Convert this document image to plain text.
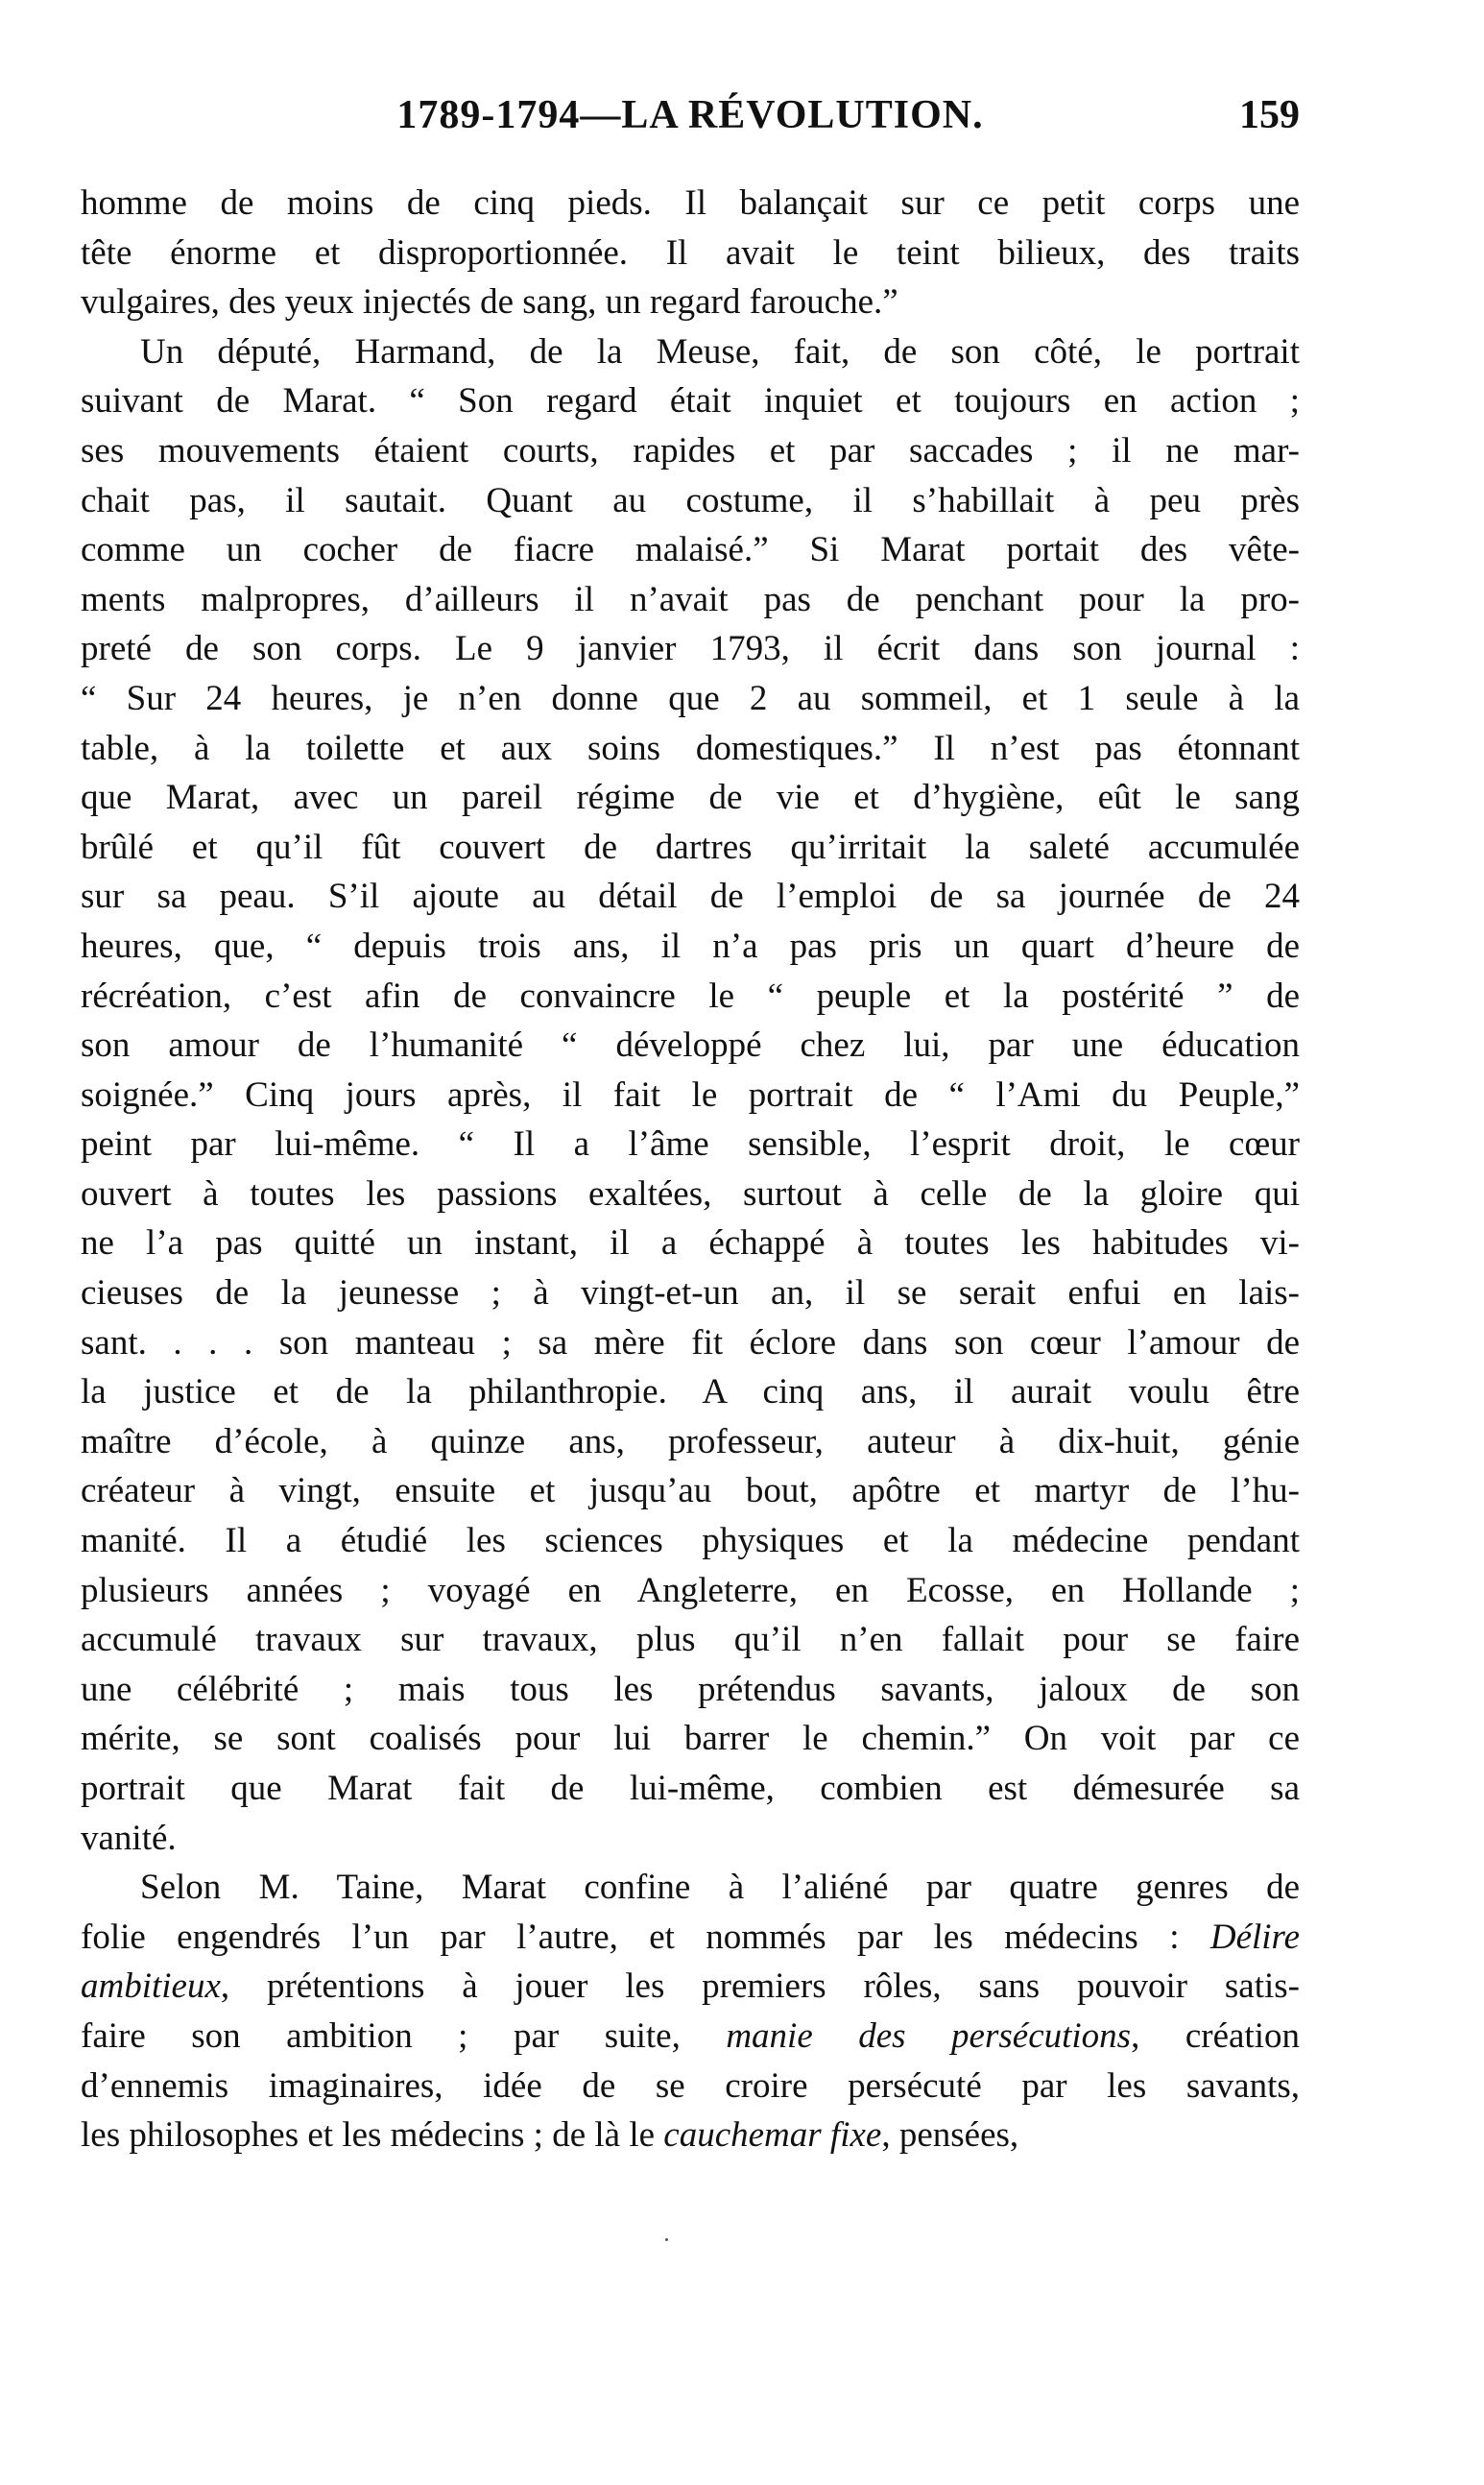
1789-1794—LA RÉVOLUTION.	159
homme de moins de cinq pieds. Il balançait sur ce petit corps une
tête énorme et disproportionnée. Il avait le teint bilieux, des traits
vulgaires, des yeux injectés de sang, un regard farouche.”
Un député, Harmand, de la Meuse, fait, de son côté, le portrait
suivant de Marat. “ Son regard était inquiet et toujours en action ;
ses mouvements étaient courts, rapides et par saccades ; il ne mar-
chait pas, il sautait. Quant au costume, il s’habillait à peu près
comme un cocher de fiacre malaisé.” Si Marat portait des vête-
ments malpropres, d’ailleurs il n’avait pas de penchant pour la pro-
preté de son corps. Le 9 janvier 1793, il écrit dans son journal :
“ Sur 24 heures, je n’en donne que 2 au sommeil, et 1 seule à la
table, à la toilette et aux soins domestiques.” Il n’est pas étonnant
que Marat, avec un pareil régime de vie et d’hygiène, eût le sang
brûlé et qu’il fût couvert de dartres qu’irritait la saleté accumulée
sur sa peau. S’il ajoute au détail de l’emploi de sa journée de 24
heures, que, “ depuis trois ans, il n’a pas pris un quart d’heure de
récréation, c’est afin de convaincre le “ peuple et la postérité ” de
son amour de l’humanité “ développé chez lui, par une éducation
soignée.” Cinq jours après, il fait le portrait de “ l’Ami du Peuple,”
peint par lui-même. “ Il a l’âme sensible, l’esprit droit, le cœur
ouvert à toutes les passions exaltées, surtout à celle de la gloire qui
ne l’a pas quitté un instant, il a échappé à toutes les habitudes vi-
cieuses de la jeunesse ; à vingt-et-un an, il se serait enfui en lais-
sant. . . . son manteau ; sa mère fit éclore dans son cœur l’amour de
la justice et de la philanthropie. A cinq ans, il aurait voulu être
maître d’école, à quinze ans, professeur, auteur à dix-huit, génie
créateur à vingt, ensuite et jusqu’au bout, apôtre et martyr de l’hu-
manité. Il a étudié les sciences physiques et la médecine pendant
plusieurs années ; voyagé en Angleterre, en Ecosse, en Hollande ;
accumulé travaux sur travaux, plus qu’il n’en fallait pour se faire
une célébrité ; mais tous les prétendus savants, jaloux de son
mérite, se sont coalisés pour lui barrer le chemin.” On voit par ce
portrait que Marat fait de lui-même, combien est démesurée sa
vanité.
Selon M. Taine, Marat confine à l’aliéné par quatre genres de
folie engendrés l’un par l’autre, et nommés par les médecins : Délire
ambitieux, prétentions à jouer les premiers rôles, sans pouvoir satis-
faire son ambition ; par suite, manie des persécutions, création
d’ennemis imaginaires, idée de se croire persécuté par les savants,
les philosophes et les médecins ; de là le cauchemar fixe, pensées,
